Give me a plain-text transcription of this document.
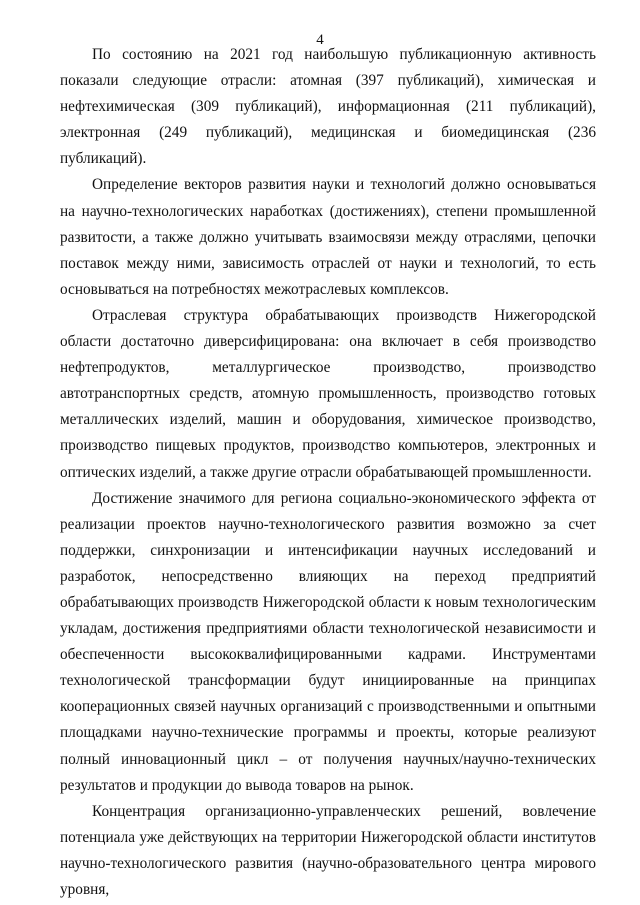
4

По состоянию на 2021 год наибольшую публикационную активность показали следующие отрасли: атомная (397 публикаций), химическая и нефтехимическая (309 публикаций), информационная (211 публикаций), электронная (249 публикаций), медицинская и биомедицинская (236 публикаций).

Определение векторов развития науки и технологий должно основываться на научно-технологических наработках (достижениях), степени промышленной развитости, а также должно учитывать взаимосвязи между отраслями, цепочки поставок между ними, зависимость отраслей от науки и технологий, то есть основываться на потребностях межотраслевых комплексов.

Отраслевая структура обрабатывающих производств Нижегородской области достаточно диверсифицирована: она включает в себя производство нефтепродуктов, металлургическое производство, производство автотранспортных средств, атомную промышленность, производство готовых металлических изделий, машин и оборудования, химическое производство, производство пищевых продуктов, производство компьютеров, электронных и оптических изделий, а также другие отрасли обрабатывающей промышленности.

Достижение значимого для региона социально-экономического эффекта от реализации проектов научно-технологического развития возможно за счет поддержки, синхронизации и интенсификации научных исследований и разработок, непосредственно влияющих на переход предприятий обрабатывающих производств Нижегородской области к новым технологическим укладам, достижения предприятиями области технологической независимости и обеспеченности высококвалифицированными кадрами. Инструментами технологической трансформации будут инициированные на принципах кооперационных связей научных организаций с производственными и опытными площадками научно-технические программы и проекты, которые реализуют полный инновационный цикл – от получения научных/научно-технических результатов и продукции до вывода товаров на рынок.

Концентрация организационно-управленческих решений, вовлечение потенциала уже действующих на территории Нижегородской области институтов научно-технологического развития (научно-образовательного центра мирового уровня,
